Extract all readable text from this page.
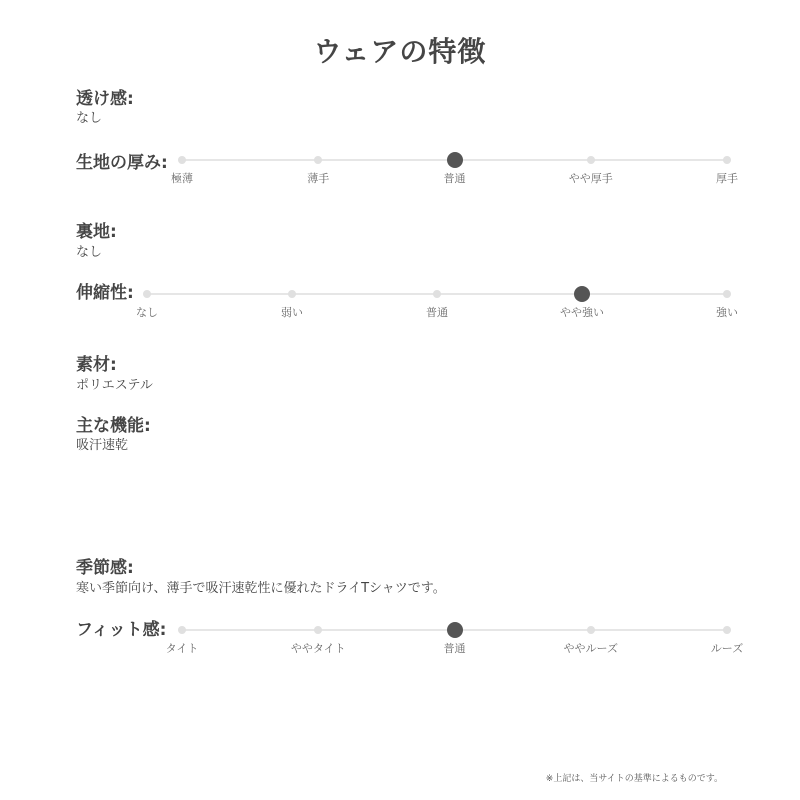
ウェアの特徴
透け感:
なし
生地の厚み:
極薄	薄手	普通	やや厚手	厚手
裏地:
なし
伸縮性:
なし	弱い	普通	やや強い	強い
素材:
ポリエステル
主な機能:
吸汗速乾
季節感:
寒い季節向け、薄手で吸汗速乾性に優れたドライTシャツです。
フィット感:
タイト	ややタイト	普通	ややルーズ	ルーズ
※上記は、当サイトの基準によるものです。
